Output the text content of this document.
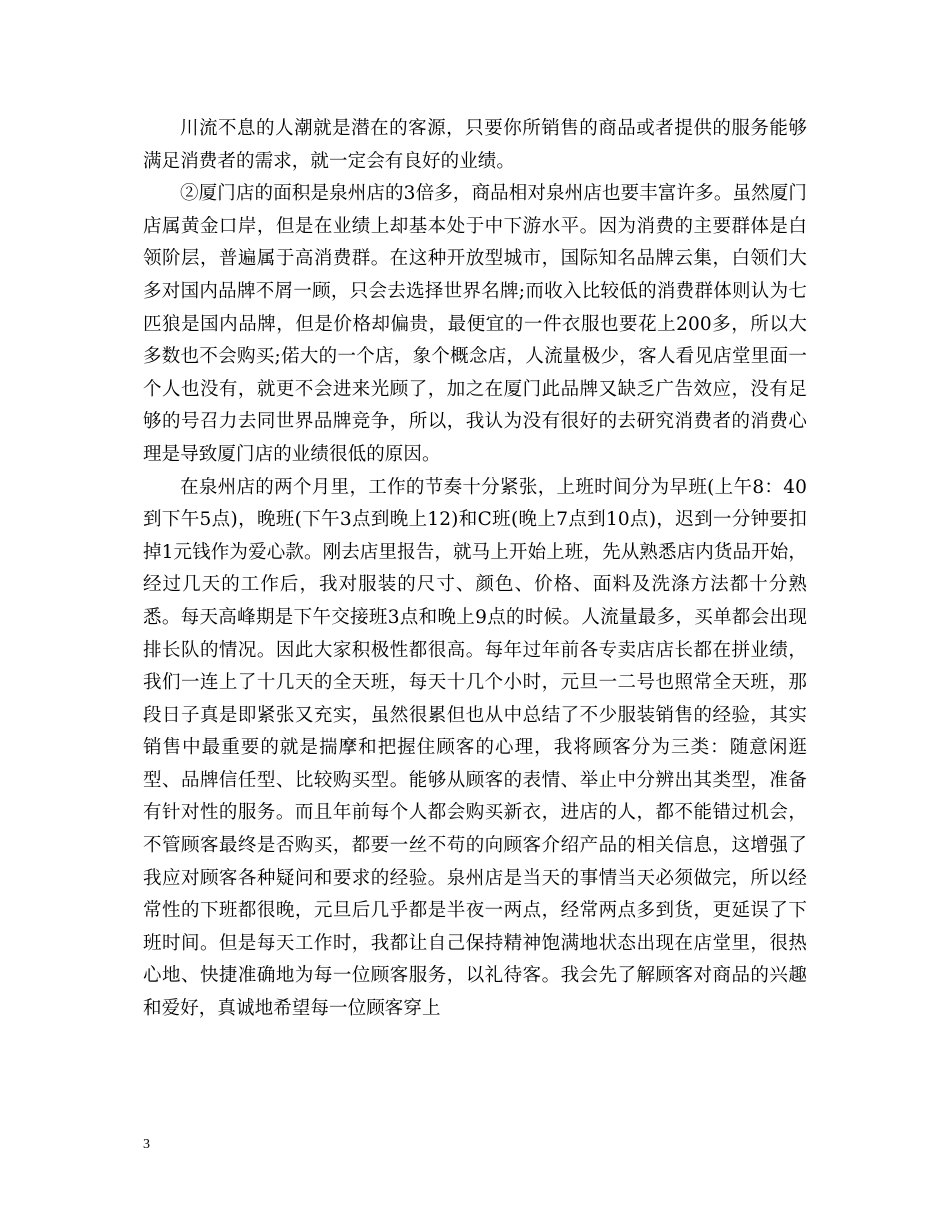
川流不息的人潮就是潜在的客源，只要你所销售的商品或者提供的服务能够满足消费者的需求，就一定会有良好的业绩。

②厦门店的面积是泉州店的3倍多，商品相对泉州店也要丰富许多。虽然厦门店属黄金口岸，但是在业绩上却基本处于中下游水平。因为消费的主要群体是白领阶层，普遍属于高消费群。在这种开放型城市，国际知名品牌云集，白领们大多对国内品牌不屑一顾，只会去选择世界名牌;而收入比较低的消费群体则认为七匹狼是国内品牌，但是价格却偏贵，最便宜的一件衣服也要花上200多，所以大多数也不会购买;偌大的一个店，象个概念店，人流量极少，客人看见店堂里面一个人也没有，就更不会进来光顾了，加之在厦门此品牌又缺乏广告效应，没有足够的号召力去同世界品牌竞争，所以，我认为没有很好的去研究消费者的消费心理是导致厦门店的业绩很低的原因。

在泉州店的两个月里，工作的节奏十分紧张，上班时间分为早班(上午8：40到下午5点)，晚班(下午3点到晚上12)和C班(晚上7点到10点)，迟到一分钟要扣掉1元钱作为爱心款。刚去店里报告，就马上开始上班，先从熟悉店内货品开始，经过几天的工作后，我对服装的尺寸、颜色、价格、面料及洗涤方法都十分熟悉。每天高峰期是下午交接班3点和晚上9点的时候。人流量最多，买单都会出现排长队的情况。因此大家积极性都很高。每年过年前各专卖店店长都在拼业绩，我们一连上了十几天的全天班，每天十几个小时，元旦一二号也照常全天班，那段日子真是即紧张又充实，虽然很累但也从中总结了不少服装销售的经验，其实销售中最重要的就是揣摩和把握住顾客的心理，我将顾客分为三类：随意闲逛型、品牌信任型、比较购买型。能够从顾客的表情、举止中分辨出其类型，准备有针对性的服务。而且年前每个人都会购买新衣，进店的人，都不能错过机会，不管顾客最终是否购买，都要一丝不苟的向顾客介绍产品的相关信息，这增强了我应对顾客各种疑问和要求的经验。泉州店是当天的事情当天必须做完，所以经常性的下班都很晚，元旦后几乎都是半夜一两点，经常两点多到货，更延误了下班时间。但是每天工作时，我都让自己保持精神饱满地状态出现在店堂里，很热心地、快捷准确地为每一位顾客服务，以礼待客。我会先了解顾客对商品的兴趣和爱好，真诚地希望每一位顾客穿上

3
